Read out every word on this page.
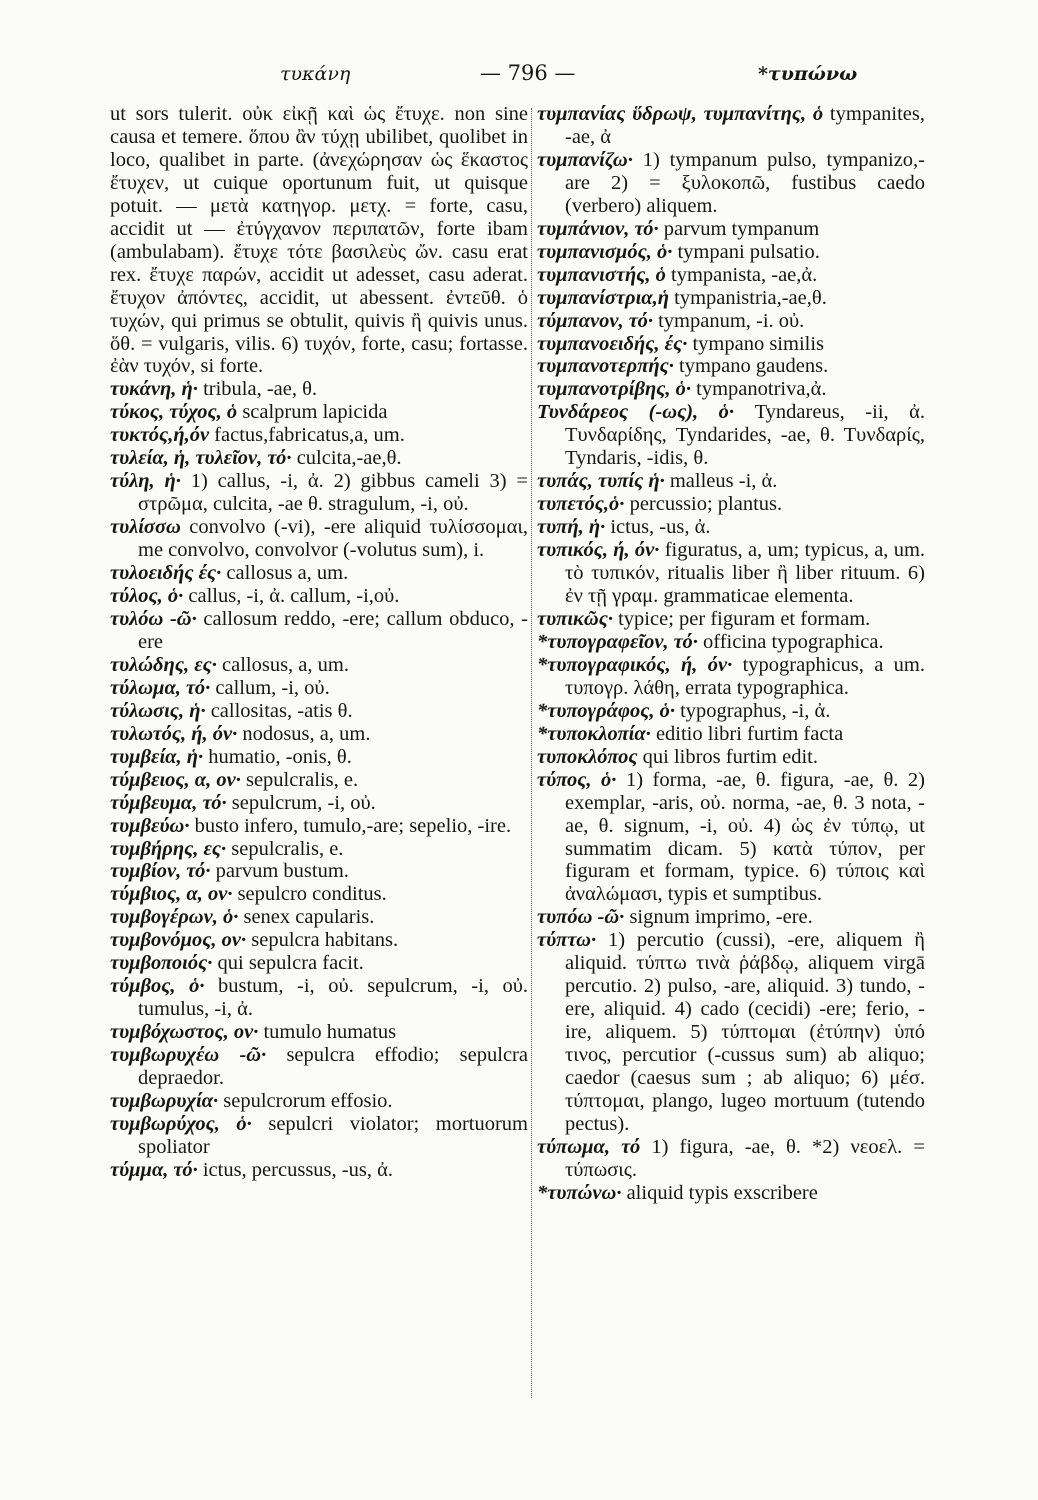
τυκάνη	— 796 —	*τυπώνω

ut sors tulerit. οὐκ εἰκῇ καὶ ὡς ἔτυχε. non sine causa et temere. ὅπου ἂν τύχῃ ubilibet, quolibet in loco, qualibet in parte. (ἀνεχώρησαν ὡς ἕκαστος ἔτυχεν, ut cuique oportunum fuit, ut quisque potuit. — μετὰ κατηγορ. μετχ. = forte, casu, accidit ut — ἐτύγχανον περιπατῶν, forte ibam (ambulabam). ἔτυχε τότε βασιλεὺς ὤν. casu erat rex. ἔτυχε παρών, accidit ut adesset, casu aderat. ἔτυχον ἀπόντες, accidit, ut abessent. ἐντεῦθ. ὁ τυχών, qui primus se obtulit, quivis ἢ quivis unus. ὅθ. = vulgaris, vilis. 6) τυχόν, forte, casu; fortasse. ἐὰν τυχόν, si forte.

τυκάνη, ἡ· tribula, -ae, θ.

τύκος, τύχος, ὁ scalprum lapicida

τυκτός,ή,όν factus,fabricatus,a, um.

τυλεία, ἡ, τυλεῖον, τό· culcita,-ae,θ.

τύλη, ἡ· 1) callus, -i, ἀ. 2) gibbus cameli 3) = στρῶμα, culcita, -ae θ. stragulum, -i, οὐ.

τυλίσσω convolvo (-vi), -ere aliquid τυλίσσομαι, me convolvo, convolvor (-volutus sum), i.

τυλοειδής ές· callosus a, um.

τύλος, ὁ· callus, -i, ἀ. callum, -i,οὐ.

τυλόω -ῶ· callosum reddo, -ere; callum obduco, -ere

τυλώδης, ες· callosus, a, um.

τύλωμα, τό· callum, -i, οὐ.

τύλωσις, ἡ· callositas, -atis θ.

τυλωτός, ή, όν· nodosus, a, um.

τυμβεία, ἡ· humatio, -onis, θ.

τύμβειος, α, ον· sepulcralis, e.

τύμβευμα, τό· sepulcrum, -i, οὐ.

τυμβεύω· busto infero, tumulo,-are; sepelio, -ire.

τυμβήρης, ες· sepulcralis, e.

τυμβίον, τό· parvum bustum.

τύμβιος, α, ον· sepulcro conditus.

τυμβογέρων, ὁ· senex capularis.

τυμβονόμος, ον· sepulcra habitans.

τυμβοποιός· qui sepulcra facit.

τύμβος, ὁ· bustum, -i, οὐ. sepulcrum, -i, οὐ. tumulus, -i, ἀ.

τυμβόχωστος, ον· tumulo humatus

τυμβωρυχέω -ῶ· sepulcra effodio; sepulcra depraedor.

τυμβωρυχία· sepulcrorum effosio.

τυμβωρύχος, ὁ· sepulcri violator; mortuorum spoliator

τύμμα, τό· ictus, percussus, -us, ἀ.

τυμπανίας ὕδρωψ, τυμπανίτης, ὁ tympanites, -ae, ἀ

τυμπανίζω· 1) tympanum pulso, tympanizo,-are 2) = ξυλοκοπῶ, fustibus caedo (verbero) aliquem.

τυμπάνιον, τό· parvum tympanum

τυμπανισμός, ὁ· tympani pulsatio.

τυμπανιστής, ὁ tympanista, -ae,ἀ.

τυμπανίστρια,ἡ tympanistria,-ae,θ.

τύμπανον, τό· tympanum, -i. οὐ.

τυμπανοειδής, ές· tympano similis

τυμπανοτερπής· tympano gaudens.

τυμπανοτρίβης, ὁ· tympanotriva,ἀ.

Τυνδάρεος (-ως), ὁ· Tyndareus, -ii, ἀ. Τυνδαρίδης, Tyndarides, -ae, θ. Τυνδαρίς, Tyndaris, -idis, θ.

τυπάς, τυπίς ἡ· malleus -i, ἀ.

τυπετός,ὁ· percussio; plantus.

τυπή, ἡ· ictus, -us, ἀ.

τυπικός, ή, όν· figuratus, a, um; typicus, a, um. τὸ τυπικόν, ritualis liber ἢ liber rituum. 6) ἐν τῇ γραμ. grammaticae elementa.

τυπικῶς· typice; per figuram et formam.

*τυπογραφεῖον, τό· officina typographica.

*τυπογραφικός, ή, όν· typographicus, a um. τυπογρ. λάθη, errata typographica.

*τυπογράφος, ὁ· typographus, -i, ἀ.

*τυποκλοπία· editio libri furtim facta

τυποκλόπος qui libros furtim edit.

τύπος, ὁ· 1) forma, -ae, θ. figura, -ae, θ. 2) exemplar, -aris, οὐ. norma, -ae, θ. 3 nota, -ae, θ. signum, -i, οὐ. 4) ὡς ἐν τύπῳ, ut summatim dicam. 5) κατὰ τύπον, per figuram et formam, typice. 6) τύποις καὶ ἀναλώμασι, typis et sumptibus.

τυπόω -ῶ· signum imprimo, -ere.

τύπτω· 1) percutio (cussi), -ere, aliquem ἢ aliquid. τύπτω τινὰ ῥάβδῳ, aliquem virgā percutio. 2) pulso, -are, aliquid. 3) tundo, -ere, aliquid. 4) cado (cecidi) -ere; ferio, -ire, aliquem. 5) τύπτομαι (ἐτύπην) ὑπό τινος, percutior (-cussus sum) ab aliquo; caedor (caesus sum ; ab aliquo; 6) μέσ. τύπτομαι, plango, lugeo mortuum (tutendo pectus).

τύπωμα, τό 1) figura, -ae, θ. *2) νεοελ. = τύπωσις.

*τυπώνω· aliquid typis exscribere
